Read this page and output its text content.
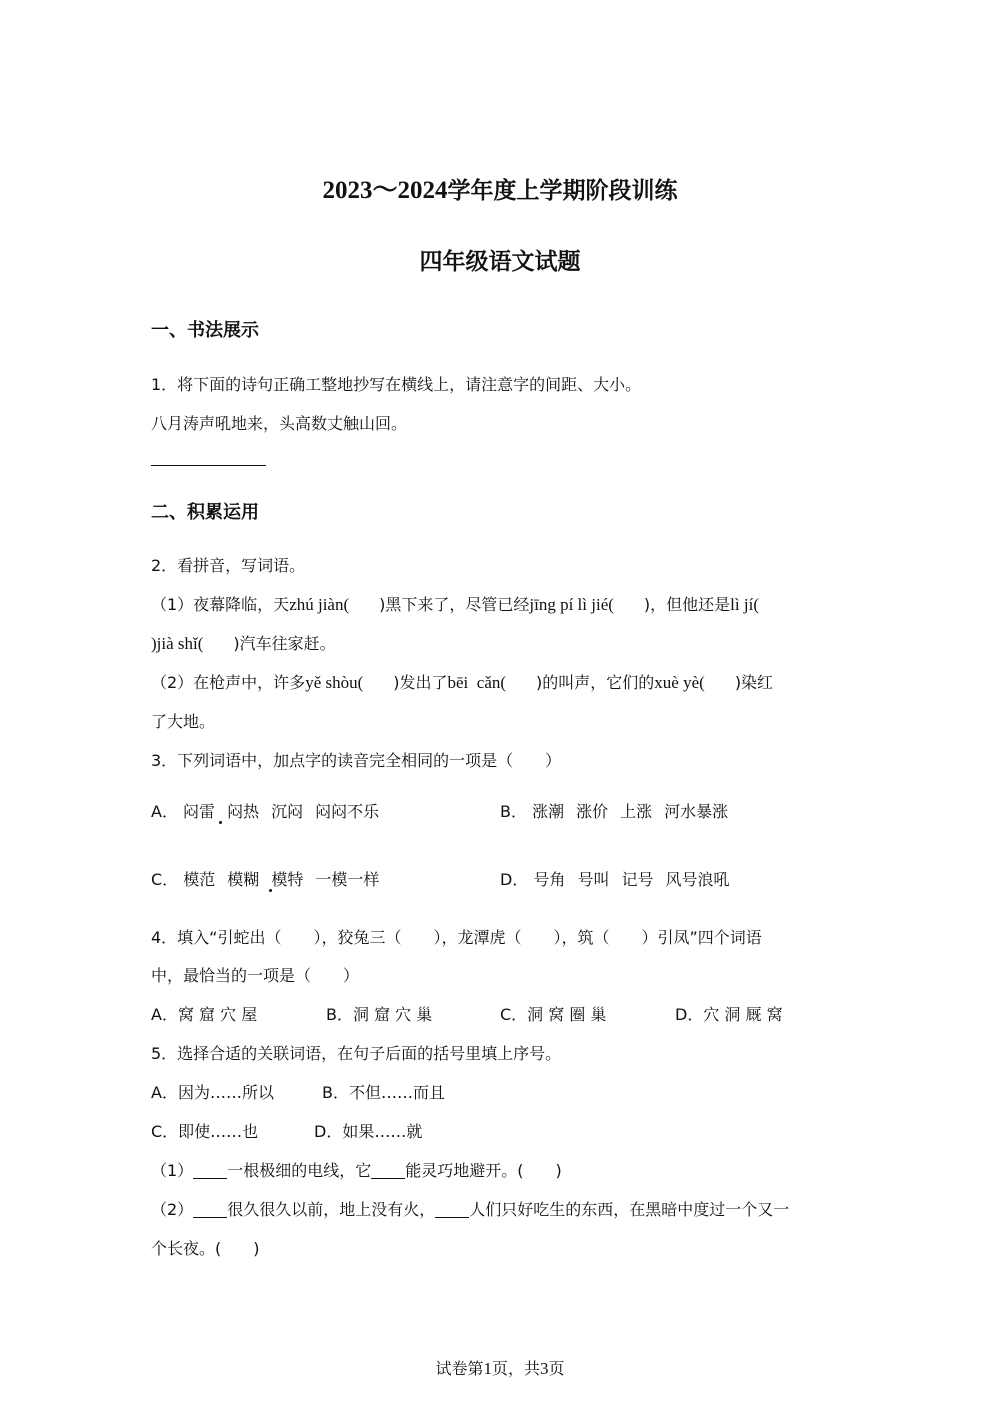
2023～2024学年度上学期阶段训练
四年级语文试题
一、书法展示
1．将下面的诗句正确工整地抄写在横线上，请注意字的间距、大小。
八月涛声吼地来，头高数丈触山回。
二、积累运用
2．看拼音，写词语。
（1）夜幕降临，天zhú jiàn( )黑下来了，尽管已经jīng pí lì jié( )，但他还是lì jí(
)jià shǐ( )汽车往家赶。
（2）在枪声中，许多yě shòu( )发出了bēi  cǎn( )的叫声，它们的xuè yè( )染红
了大地。
3．下列词语中，加点字的读音完全相同的一项是（　　）
A． 闷雷 闷热 沉闷 闷闷不乐	B． 涨潮 涨价 上涨 河水暴涨
C． 模范 模糊 模特 一模一样	D． 号角 号叫 记号 风号浪吼
4．填入“引蛇出（　　），狡兔三（　　），龙潭虎（　　），筑（　　）引凤”四个词语
中，最恰当的一项是（　　）
A．窝 窟 穴 屋	B．洞 窟 穴 巢	C．洞 窝 圈 巢	D．穴 洞 厩 窝
5．选择合适的关联词语，在句子后面的括号里填上序号。
A．因为……所以	B．不但……而且
C．即使……也	D．如果……就
（1） 一根极细的电线，它 能灵巧地避开。(　　)
（2） 很久很久以前，地上没有火， 人们只好吃生的东西，在黑暗中度过一个又一
个长夜。(　　)
试卷第1页，共3页
